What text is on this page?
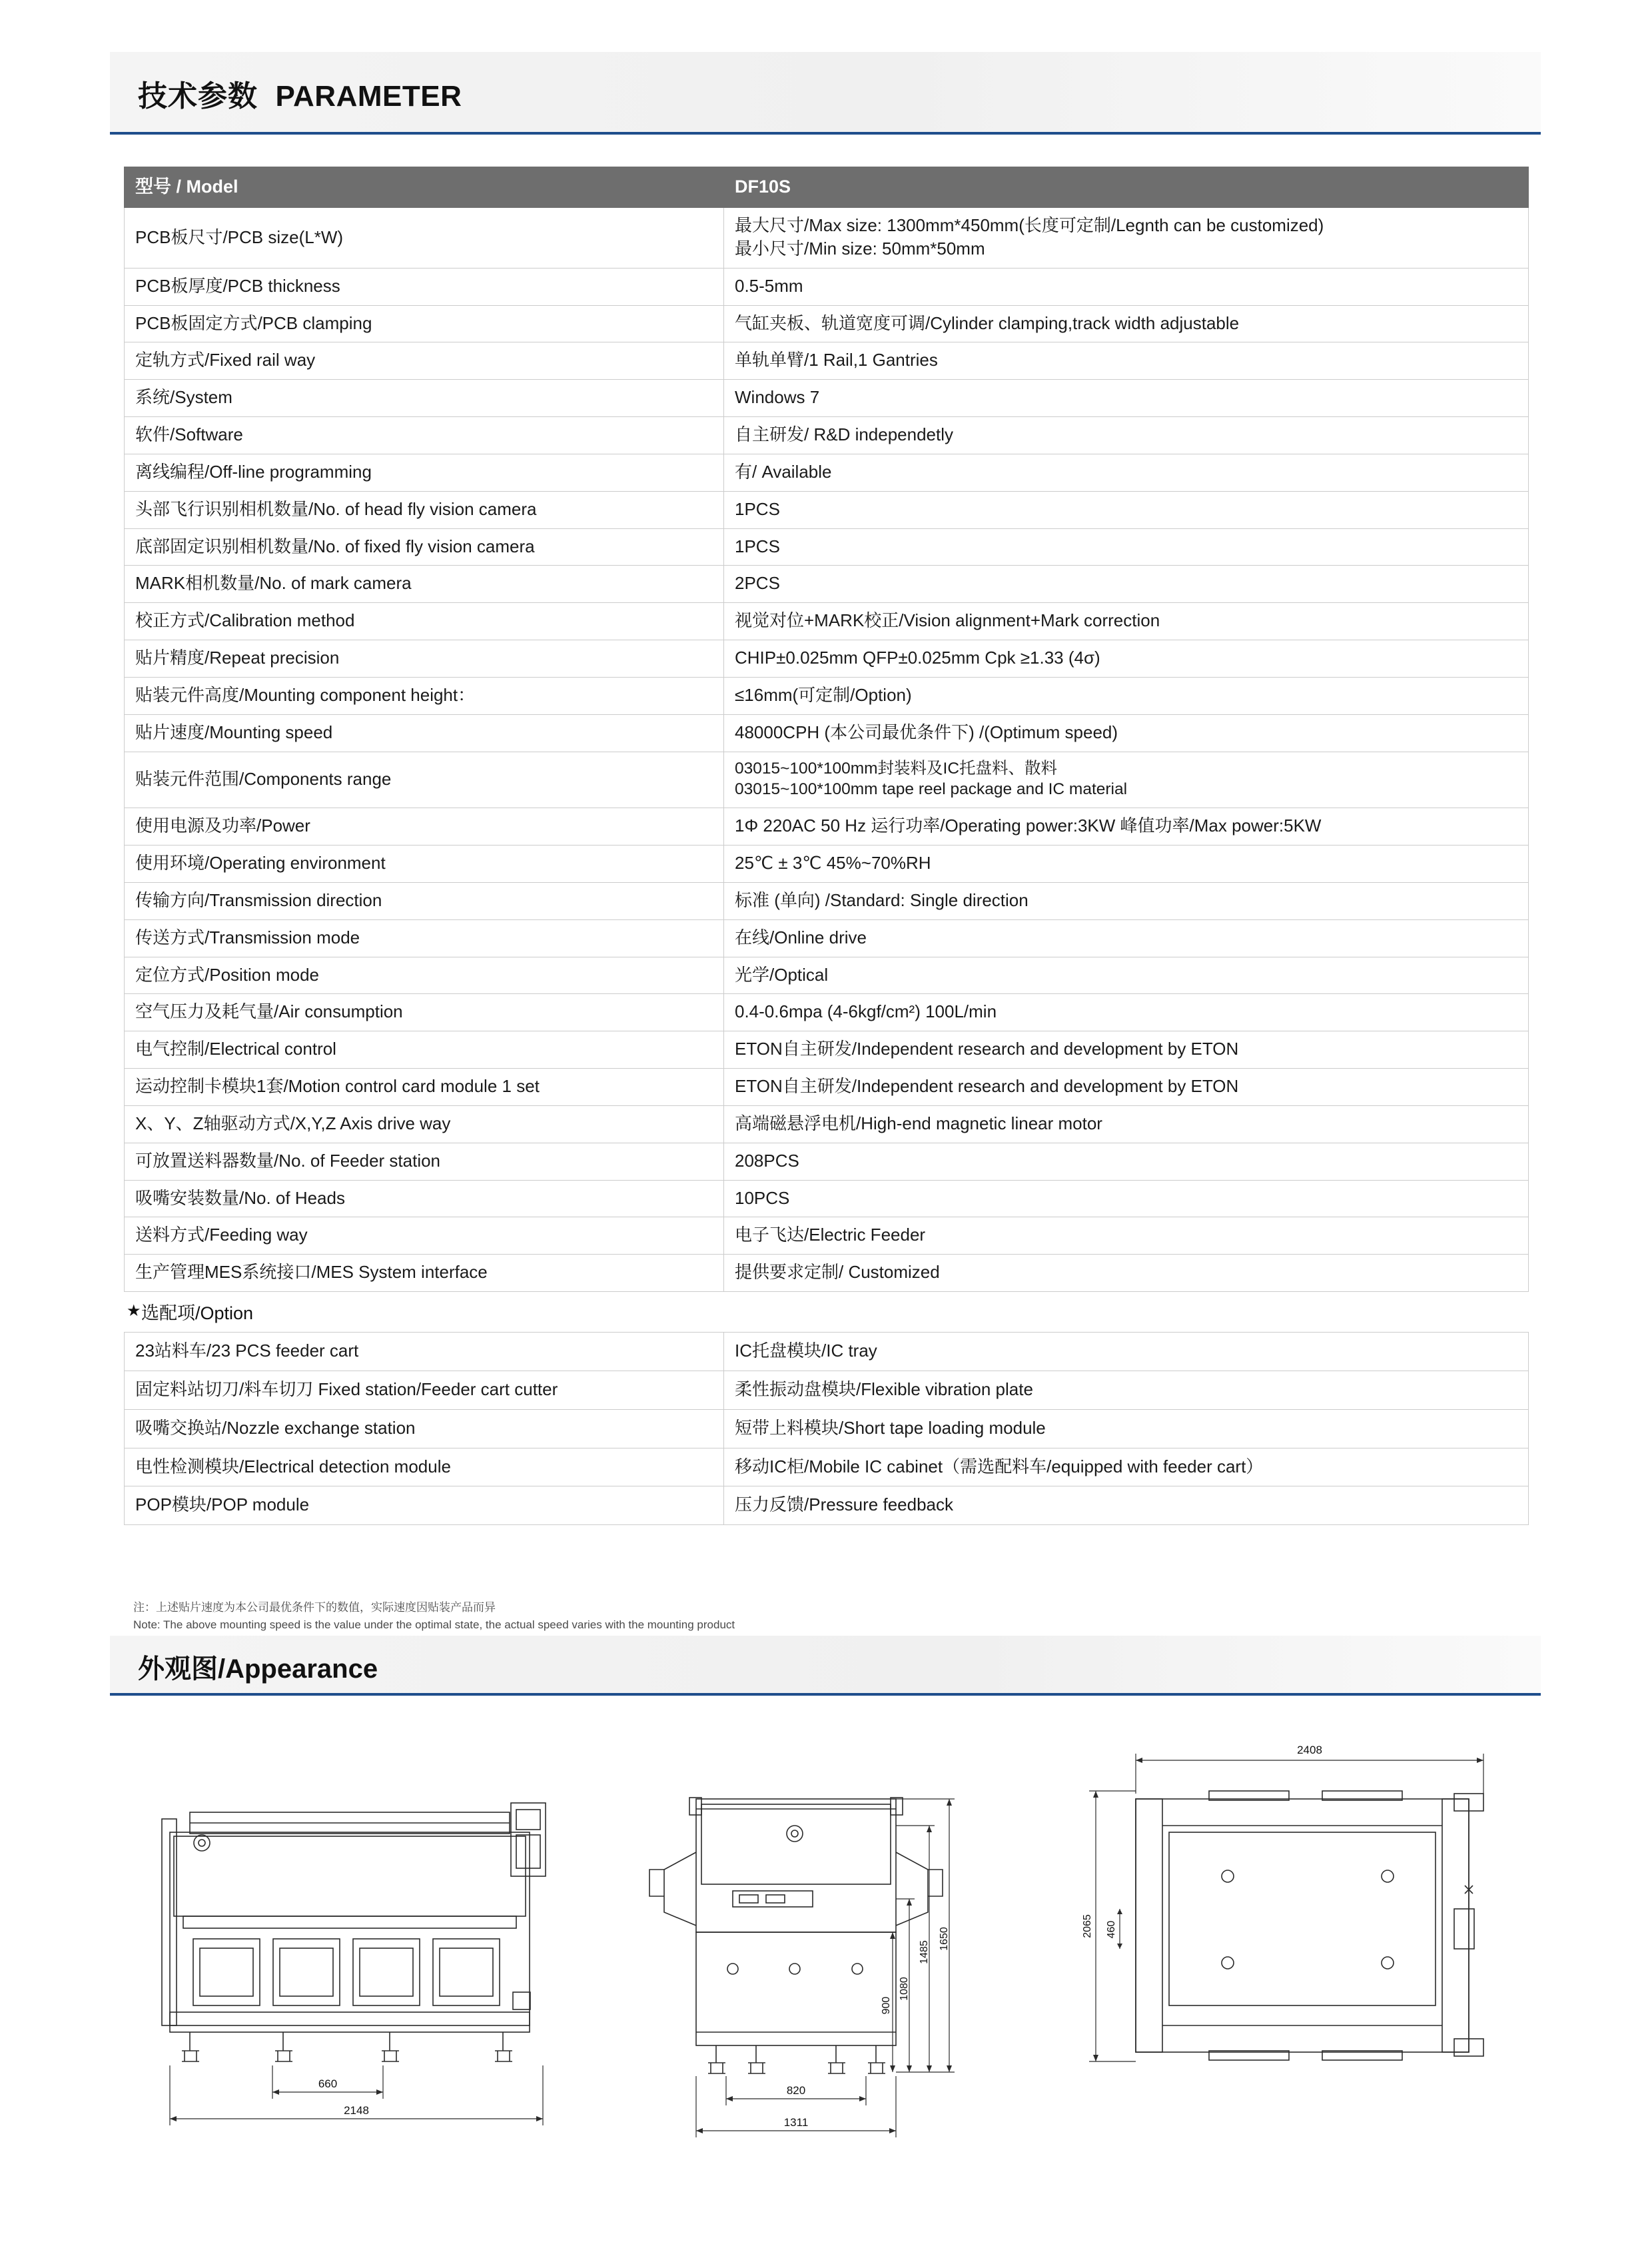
技术参数 PARAMETER
型号 / Model	DF10S
PCB板尺寸/PCB size(L*W)	最大尺寸/Max size: 1300mm*450mm(长度可定制/Legnth can be customized)
最小尺寸/Min size: 50mm*50mm

PCB板厚度/PCB thickness	0.5-5mm
PCB板固定方式/PCB clamping	气缸夹板、轨道宽度可调/Cylinder clamping,track width adjustable
定轨方式/Fixed rail way	单轨单臂/1 Rail,1 Gantries
系统/System	Windows 7
软件/Software	自主研发/ R&D independetly
离线编程/Off-line programming	有/ Available
头部飞行识别相机数量/No. of head fly vision camera	1PCS
底部固定识别相机数量/No. of fixed fly vision camera	1PCS
MARK相机数量/No. of mark camera	2PCS
校正方式/Calibration method	视觉对位+MARK校正/Vision alignment+Mark correction
贴片精度/Repeat precision	CHIP±0.025mm QFP±0.025mm Cpk ≥1.33 (4σ)
贴装元件高度/Mounting component height：	≤16mm(可定制/Option)
贴片速度/Mounting speed	48000CPH (本公司最优条件下) /(Optimum speed)
贴装元件范围/Components range	03015~100*100mm封装料及IC托盘料、散料
03015~100*100mm tape reel package and IC material

使用电源及功率/Power	1Φ 220AC 50 Hz 运行功率/Operating power:3KW 峰值功率/Max power:5KW
使用环境/Operating environment	25℃ ± 3℃ 45%~70%RH
传输方向/Transmission direction	标准 (单向) /Standard: Single direction
传送方式/Transmission mode	在线/Online drive
定位方式/Position mode	光学/Optical
空气压力及耗气量/Air consumption	0.4-0.6mpa (4-6kgf/cm²) 100L/min
电气控制/Electrical control	ETON自主研发/Independent research and development by ETON
运动控制卡模块1套/Motion control card module 1 set	ETON自主研发/Independent research and development by ETON
X、Y、Z轴驱动方式/X,Y,Z Axis drive way	高端磁悬浮电机/High-end magnetic linear motor
可放置送料器数量/No. of Feeder station	208PCS
吸嘴安装数量/No. of Heads	10PCS
送料方式/Feeding way	电子飞达/Electric Feeder
生产管理MES系统接口/MES System interface	提供要求定制/ Customized
★ 选配项/Option
23站料车/23 PCS feeder cart	IC托盘模块/IC tray
固定料站切刀/料车切刀 Fixed station/Feeder cart cutter	柔性振动盘模块/Flexible vibration plate
吸嘴交换站/Nozzle exchange station	短带上料模块/Short tape loading module
电性检测模块/Electrical detection module	移动IC柜/Mobile IC cabinet（需选配料车/equipped with feeder cart）
POP模块/POP module	压力反馈/Pressure feedback
注：上述贴片速度为本公司最优条件下的数值，实际速度因贴装产品而异
Note: The above mounting speed is the value under the optimal state, the actual speed varies with the mounting product
外观图/Appearance
660
2148
1650
1485
1080
900
820
1311
2408
2065 460
